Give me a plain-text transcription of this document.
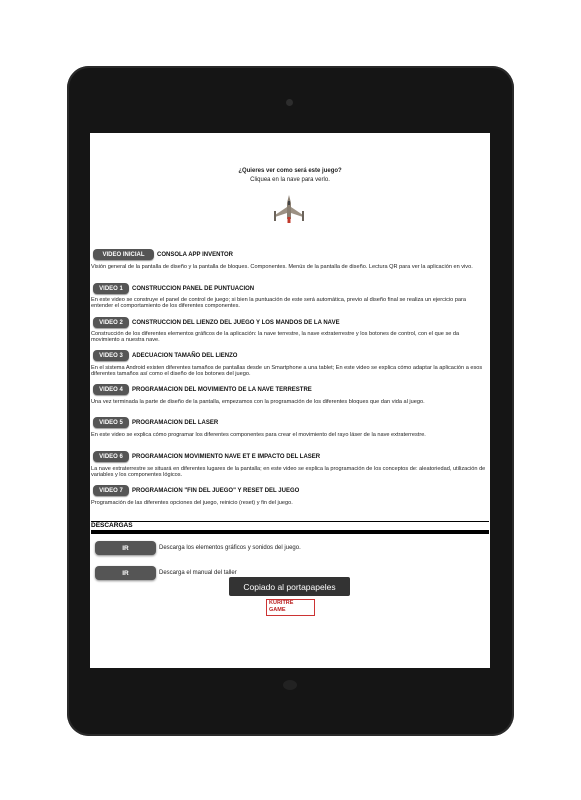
¿Quieres ver como será este juego?
Cliquea en la nave para verlo.
VIDEO INICIAL	CONSOLA APP INVENTOR
Visión general de la pantalla de diseño y la pantalla de bloques. Componentes. Menús de la pantalla de diseño. Lectura QR para ver la aplicación en vivo.
VIDEO 1	CONSTRUCCION PANEL DE PUNTUACION
En este video se construye el panel de control de juego; si bien la puntuación de este será automática, previo al diseño final se realiza un ejercicio para entender el comportamiento de los diferentes componentes.
VIDEO 2	CONSTRUCCION DEL LIENZO DEL JUEGO Y LOS MANDOS DE LA NAVE
Construcción de los diferentes elementos gráficos de la aplicación: la nave terrestre, la nave extraterrestre y los botones de control, con el que se da movimiento a nuestra nave.
VIDEO 3	ADECUACION TAMAÑO DEL LIENZO
En el sistema Android existen diferentes tamaños de pantallas desde un Smartphone a una tablet; En este video se explica cómo adaptar la aplicación a esos diferentes tamaños así como el diseño de los botones del juego.
VIDEO 4	PROGRAMACION DEL MOVIMIENTO DE LA NAVE TERRESTRE
Una vez terminada la parte de diseño de la pantalla, empezamos con la programación de los diferentes bloques que dan vida al juego.
VIDEO 5	PROGRAMACION DEL LASER
En este video se explica cómo programar los diferentes componentes para crear el movimiento del rayo láser de la nave extraterrestre.
VIDEO 6	PROGRAMACION MOVIMIENTO NAVE ET E IMPACTO DEL LASER
La nave extraterrestre se situará en diferentes lugares de la pantalla; en este video se explica la programación de los conceptos de: aleatoriedad, utilización de variables y los componentes lógicos.
VIDEO 7	PROGRAMACION "FIN DEL JUEGO" Y RESET DEL JUEGO
Programación de las diferentes opciones del juego, reinicio (reset) y fin del juego.
DESCARGAS
IR	Descarga los elementos gráficos y sonidos del juego.
IR	Descarga el manual del taller
KURITRE
GAME
Copiado al portapapeles
